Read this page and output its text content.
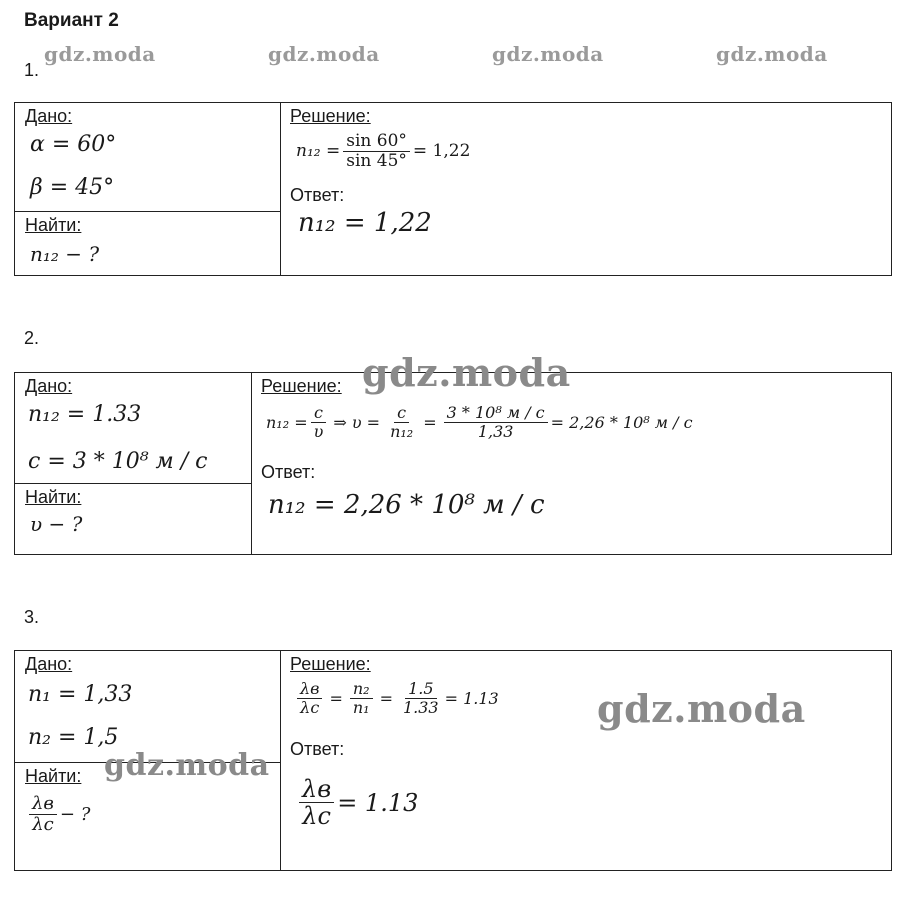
Вариант 2
gdz.moda	gdz.moda	gdz.moda	gdz.moda
1.
Дано:
α = 60°
β = 45°
Найти:
n₁₂ − ?
Решение:
$n_{12} = \frac{\sin 60^\circ}{\sin 45^\circ} = 1,22$
Ответ:
n₁₂ = 1,22
2.
gdz.moda
Дано:
n₁₂ = 1.33
c = 3 * 10⁸ м / с
Найти:
υ − ?
Решение:
$n_{12} = \frac{c}{\upsilon}$ ⇒ $\upsilon = \frac{c}{\text{n₁₂}} = \frac{\text{3 * 10⁸ м / с}}{1,33} = 2,26 * 10^8$ м / с
Ответ:
n₁₂ = 2,26 * 10⁸ м / с
3.
gdz.moda
gdz.moda
Дано:
n₁ = 1,33
n₂ = 1,5
Найти:
$\frac{\lambda в}{\lambda с}$ − ?
Решение:
$\frac{\lambda в}{\lambda с} = \frac{\text{n₂}}{\text{n₁}} = \frac{1.5}{1.33} = 1.13$
Ответ:
$\frac{\lambda в}{\lambda с} = 1.13$
